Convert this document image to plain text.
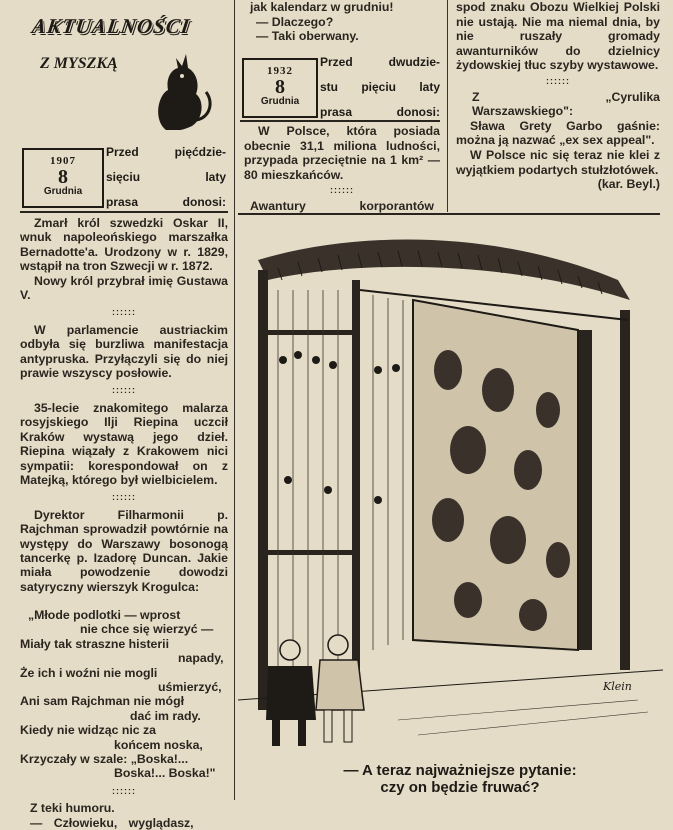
AKTUALNOŚCI
Z MYSZKĄ
1907
8
Grudnia
Przed pięćdzie-
sięciu laty
prasa donosi:

Zmarł król szwedzki Oskar II, wnuk napoleońskiego marszałka Bernadotte'a. Urodzony w r. 1829, wstąpił na tron Szwecji w r. 1872.

Nowy król przybrał imię Gustawa V.

::::::

W parlamencie austriackim odbyła się burzliwa manifestacja antypruska. Przyłączyli się do niej prawie wszyscy posłowie.

::::::

35-lecie znakomitego malarza rosyjskiego Ilji Riepina uczcił Kraków wystawą jego dzieł. Riepina wiązały z Krakowem nici sympatii: korespondował on z Matejką, którego był wielbicielem.

::::::

Dyrektor Filharmonii p. Rajchman sprowadził powtórnie na występy do Warszawy bosonogą tancerkę p. Izadorę Duncan. Jakie miała powodzenie dowodzi satyryczny wierszyk Krogulca:

„Młode podlotki — wprost
nie chce się wierzyć —
Miały tak straszne histerii
napady,
Że ich i woźni nie mogli
uśmierzyć,
Ani sam Rajchman nie mógł
dać im rady.
Kiedy nie widząc nic za
końcem noska,
Krzyczały w szale: „Boska!...
Boska!... Boska!"
::::::
Z teki humoru.
— Człowieku, wyglądasz,
jak kalendarz w grudniu!
— Dlaczego?
— Taki oberwany.
1932
8
Grudnia
Przed dwudzie-
stu pięciu laty
prasa donosi:
W Polsce, która posiada obecnie 31,1 miliona ludności, przypada przeciętnie na 1 km² — 80 mieszkańców.
::::::
Awantury korporantów
spod znaku Obozu Wielkiej Polski nie ustają. Nie ma niemal dnia, by nie ruszały gromady awanturników do dzielnicy żydowskiej tłuc szyby wystawowe.
::::::
Z „Cyrulika Warszawskiego":
Sława Grety Garbo gaśnie: można ją nazwać „ex sex appeal".
W Polsce nic się teraz nie klei z wyjątkiem podartych stułzłotówek.
(kar. Beyl.)
Klein
— A teraz najważniejsze pytanie: czy on będzie fruwać?
